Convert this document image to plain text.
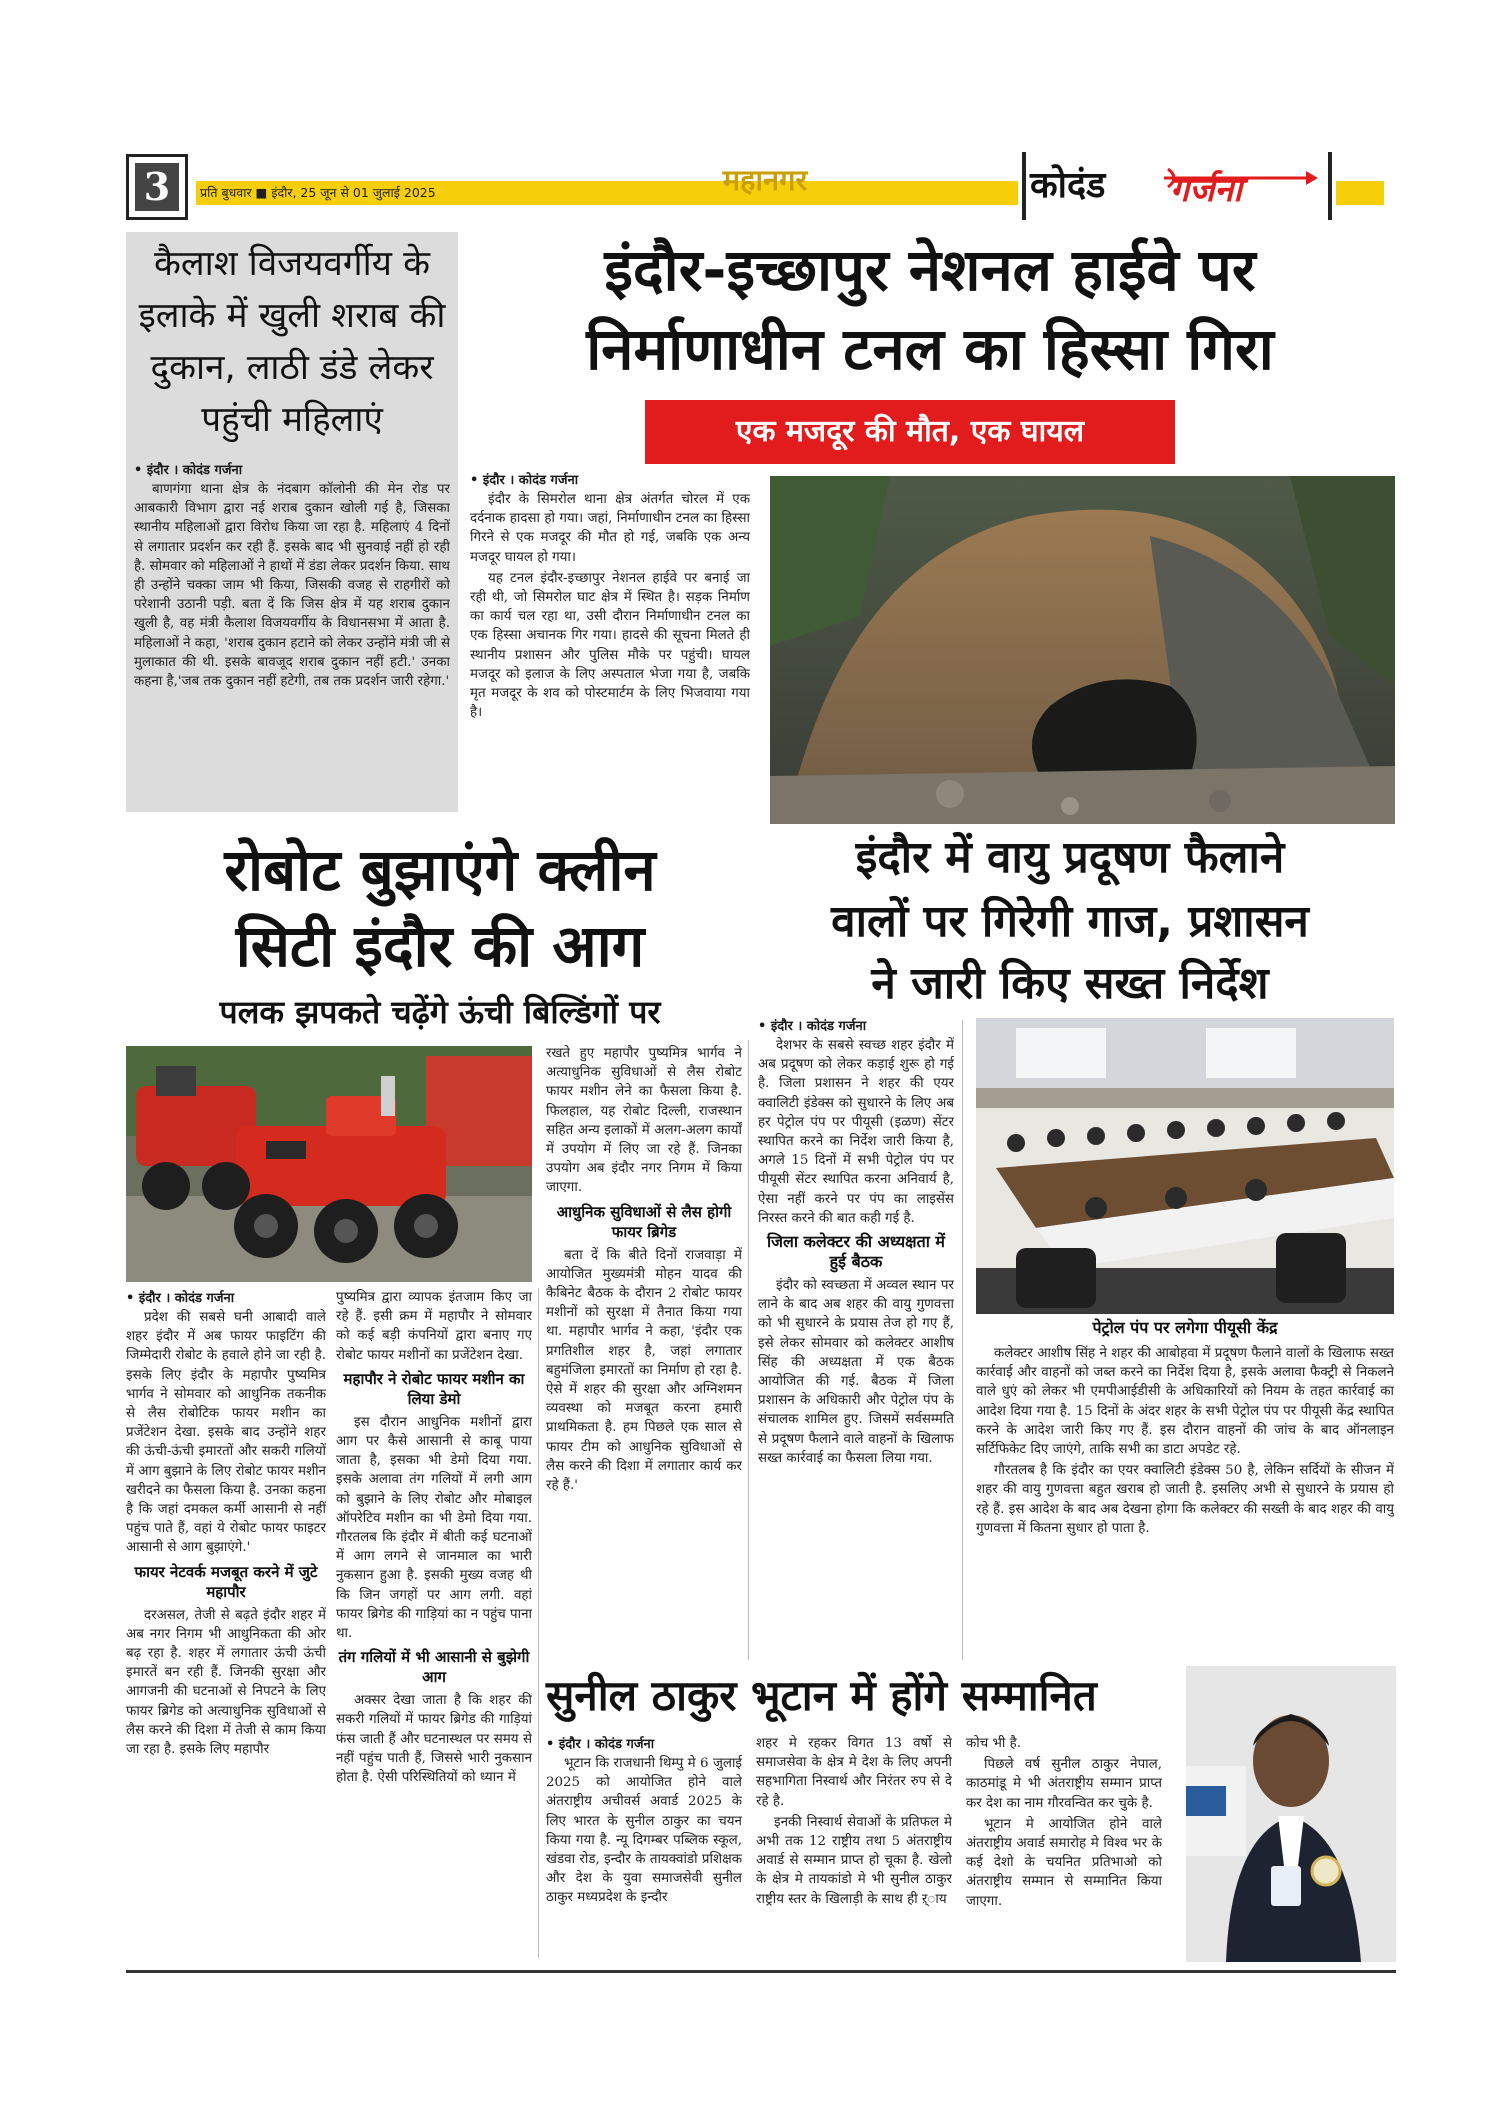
3	प्रति बुधवार ■ इंदौर, 25 जून से 01 जुलाई 2025	महानगर	कोदंड गर्जना
कैलाश विजयवर्गीय के इलाके में खुली शराब की दुकान, लाठी डंडे लेकर पहुंची महिलाएं

• इंदौर । कोदंड गर्जना

बाणगंगा थाना क्षेत्र के नंदबाग कॉलोनी की मेन रोड पर आबकारी विभाग द्वारा नई शराब दुकान खोली गई है, जिसका स्थानीय महिलाओं द्वारा विरोध किया जा रहा है. महिलाएं 4 दिनों से लगातार प्रदर्शन कर रही हैं. इसके बाद भी सुनवाई नहीं हो रही है. सोमवार को महिलाओं ने हाथों में डंडा लेकर प्रदर्शन किया. साथ ही उन्होंने चक्का जाम भी किया, जिसकी वजह से राहगीरों को परेशानी उठानी पड़ी. बता दें कि जिस क्षेत्र में यह शराब दुकान खुली है, वह मंत्री कैलाश विजयवर्गीय के विधानसभा में आता है. महिलाओं ने कहा, 'शराब दुकान हटाने को लेकर उन्होंने मंत्री जी से मुलाकात की थी. इसके बावजूद शराब दुकान नहीं हटी.' उनका कहना है,'जब तक दुकान नहीं हटेगी, तब तक प्रदर्शन जारी रहेगा.'

इंदौर-इच्छापुर नेशनल हाईवे पर
निर्माणाधीन टनल का हिस्सा गिरा
एक मजदूर की मौत, एक घायल

• इंदौर । कोदंड गर्जना

इंदौर के सिमरोल थाना क्षेत्र अंतर्गत चोरल में एक दर्दनाक हादसा हो गया। जहां, निर्माणाधीन टनल का हिस्सा गिरने से एक मजदूर की मौत हो गई, जबकि एक अन्य मजदूर घायल हो गया।

यह टनल इंदौर-इच्छापुर नेशनल हाईवे पर बनाई जा रही थी, जो सिमरोल घाट क्षेत्र में स्थित है। सड़क निर्माण का कार्य चल रहा था, उसी दौरान निर्माणाधीन टनल का एक हिस्सा अचानक गिर गया। हादसे की सूचना मिलते ही स्थानीय प्रशासन और पुलिस मौके पर पहुंची। घायल मजदूर को इलाज के लिए अस्पताल भेजा गया है, जबकि मृत मजदूर के शव को पोस्टमार्टम के लिए भिजवाया गया है।

रोबोट बुझाएंगे क्लीन
सिटी इंदौर की आग
पलक झपकते चढ़ेंगे ऊंची बिल्डिंगों पर

• इंदौर । कोदंड गर्जना

प्रदेश की सबसे घनी आबादी वाले शहर इंदौर में अब फायर फाइटिंग की जिम्मेदारी रोबोट के हवाले होने जा रही है. इसके लिए इंदौर के महापौर पुष्यमित्र भार्गव ने सोमवार को आधुनिक तकनीक से लैस रोबोटिक फायर मशीन का प्रजेंटेशन देखा. इसके बाद उन्होंने शहर की ऊंची-ऊंची इमारतों और सकरी गलियों में आग बुझाने के लिए रोबोट फायर मशीन खरीदने का फैसला किया है. उनका कहना है कि जहां दमकल कर्मी आसानी से नहीं पहुंच पाते हैं, वहां ये रोबोट फायर फाइटर आसानी से आग बुझाएंगे.'

फायर नेटवर्क मजबूत करने में जुटे महापौर

दरअसल, तेजी से बढ़ते इंदौर शहर में अब नगर निगम भी आधुनिकता की ओर बढ़ रहा है. शहर में लगातार ऊंची ऊंची इमारतें बन रही हैं. जिनकी सुरक्षा और आगजनी की घटनाओं से निपटने के लिए फायर ब्रिगेड को अत्याधुनिक सुविधाओं से लैस करने की दिशा में तेजी से काम किया जा रहा है. इसके लिए महापौर

पुष्यमित्र द्वारा व्यापक इंतजाम किए जा रहे हैं. इसी क्रम में महापौर ने सोमवार को कई बड़ी कंपनियों द्वारा बनाए गए रोबोट फायर मशीनों का प्रजेंटेशन देखा.

महापौर ने रोबोट फायर मशीन का लिया डेमो

इस दौरान आधुनिक मशीनों द्वारा आग पर कैसे आसानी से काबू पाया जाता है, इसका भी डेमो दिया गया. इसके अलावा तंग गलियों में लगी आग को बुझाने के लिए रोबोट और मोबाइल ऑपरेटिव मशीन का भी डेमो दिया गया. गौरतलब कि इंदौर में बीती कई घटनाओं में आग लगने से जानमाल का भारी नुकसान हुआ है. इसकी मुख्य वजह थी कि जिन जगहों पर आग लगी. वहां फायर ब्रिगेड की गाड़ियां का न पहुंच पाना था.

तंग गलियों में भी आसानी से बुझेगी आग

अक्सर देखा जाता है कि शहर की सकरी गलियों में फायर ब्रिगेड की गाड़ियां फंस जाती हैं और घटनास्थल पर समय से नहीं पहुंच पाती हैं, जिससे भारी नुकसान होता है. ऐसी परिस्थितियों को ध्यान में

रखते हुए महापौर पुष्यमित्र भार्गव ने अत्याधुनिक सुविधाओं से लैस रोबोट फायर मशीन लेने का फैसला किया है. फिलहाल, यह रोबोट दिल्ली, राजस्थान सहित अन्य इलाकों में अलग-अलग कार्यों में उपयोग में लिए जा रहे हैं. जिनका उपयोग अब इंदौर नगर निगम में किया जाएगा.

आधुनिक सुविधाओं से लैस होगी फायर ब्रिगेड

बता दें कि बीते दिनों राजवाड़ा में आयोजित मुख्यमंत्री मोहन यादव की कैबिनेट बैठक के दौरान 2 रोबोट फायर मशीनों को सुरक्षा में तैनात किया गया था. महापौर भार्गव ने कहा, 'इंदौर एक प्रगतिशील शहर है, जहां लगातार बहुमंजिला इमारतों का निर्माण हो रहा है. ऐसे में शहर की सुरक्षा और अग्निशमन व्यवस्था को मजबूत करना हमारी प्राथमिकता है. हम पिछले एक साल से फायर टीम को आधुनिक सुविधाओं से लैस करने की दिशा में लगातार कार्य कर रहे हैं.'

इंदौर में वायु प्रदूषण फैलाने
वालों पर गिरेगी गाज, प्रशासन
ने जारी किए सख्त निर्देश

• इंदौर । कोदंड गर्जना

देशभर के सबसे स्वच्छ शहर इंदौर में अब प्रदूषण को लेकर कड़ाई शुरू हो गई है. जिला प्रशासन ने शहर की एयर क्वालिटी इंडेक्स को सुधारने के लिए अब हर पेट्रोल पंप पर पीयूसी (इळण) सेंटर स्थापित करने का निर्देश जारी किया है, अगले 15 दिनों में सभी पेट्रोल पंप पर पीयूसी सेंटर स्थापित करना अनिवार्य है, ऐसा नहीं करने पर पंप का लाइसेंस निरस्त करने की बात कही गई है.

जिला कलेक्टर की अध्यक्षता में हुई बैठक

इंदौर को स्वच्छता में अव्वल स्थान पर लाने के बाद अब शहर की वायु गुणवत्ता को भी सुधारने के प्रयास तेज हो गए हैं, इसे लेकर सोमवार को कलेक्टर आशीष सिंह की अध्यक्षता में एक बैठक आयोजित की गई. बैठक में जिला प्रशासन के अधिकारी और पेट्रोल पंप के संचालक शामिल हुए. जिसमें सर्वसम्मति से प्रदूषण फैलाने वाले वाहनों के खिलाफ सख्त कार्रवाई का फैसला लिया गया.

पेट्रोल पंप पर लगेगा पीयूसी केंद्र

कलेक्टर आशीष सिंह ने शहर की आबोहवा में प्रदूषण फैलाने वालों के खिलाफ सख्त कार्रवाई और वाहनों को जब्त करने का निर्देश दिया है, इसके अलावा फैक्ट्री से निकलने वाले धुएं को लेकर भी एमपीआईडीसी के अधिकारियों को नियम के तहत कार्रवाई का आदेश दिया गया है. 15 दिनों के अंदर शहर के सभी पेट्रोल पंप पर पीयूसी केंद्र स्थापित करने के आदेश जारी किए गए हैं. इस दौरान वाहनों की जांच के बाद ऑनलाइन सर्टिफिकेट दिए जाएंगे, ताकि सभी का डाटा अपडेट रहे.

गौरतलब है कि इंदौर का एयर क्वालिटी इंडेक्स 50 है, लेकिन सर्दियों के सीजन में शहर की वायु गुणवत्ता बहुत खराब हो जाती है. इसलिए अभी से सुधारने के प्रयास हो रहे हैं. इस आदेश के बाद अब देखना होगा कि कलेक्टर की सख्ती के बाद शहर की वायु गुणवत्ता में कितना सुधार हो पाता है.

सुनील ठाकुर भूटान में होंगे सम्मानित

• इंदौर । कोदंड गर्जना

भूटान कि राजधानी थिम्पु मे 6 जुलाई 2025 को आयोजित होने वाले अंतराष्ट्रीय अचीवर्स अवार्ड 2025 के लिए भारत के सुनील ठाकुर का चयन किया गया है. न्यू दिगम्बर पब्लिक स्कूल, खंडवा रोड, इन्दौर के तायक्वांडो प्रशिक्षक और देश के युवा समाजसेवी सुनील ठाकुर मध्यप्रदेश के इन्दौर

शहर मे रहकर विगत 13 वर्षो से समाजसेवा के क्षेत्र मे देश के लिए अपनी सहभागिता निस्वार्थ और निरंतर रुप से दे रहे है.

इनकी निस्वार्थ सेवाओं के प्रतिफल मे अभी तक 12 राष्ट्रीय तथा 5 अंतराष्ट्रीय अवार्ड से सम्मान प्राप्त हो चूका है. खेलो के क्षेत्र मे तायकांडो मे भी सुनील ठाकुर राष्ट्रीय स्तर के खिलाड़ी के साथ ही ऱ्ाय

कोच भी है.

पिछले वर्ष सुनील ठाकुर नेपाल, काठमांडू मे भी अंतराष्ट्रीय सम्मान प्राप्त कर देश का नाम गौरवन्वित कर चुके है.

भूटान मे आयोजित होने वाले अंतराष्ट्रीय अवार्ड समारोह मे विश्व भर के कई देशो के चयनित प्रतिभाओ को अंतराष्ट्रीय सम्मान से सम्मानित किया जाएगा.
